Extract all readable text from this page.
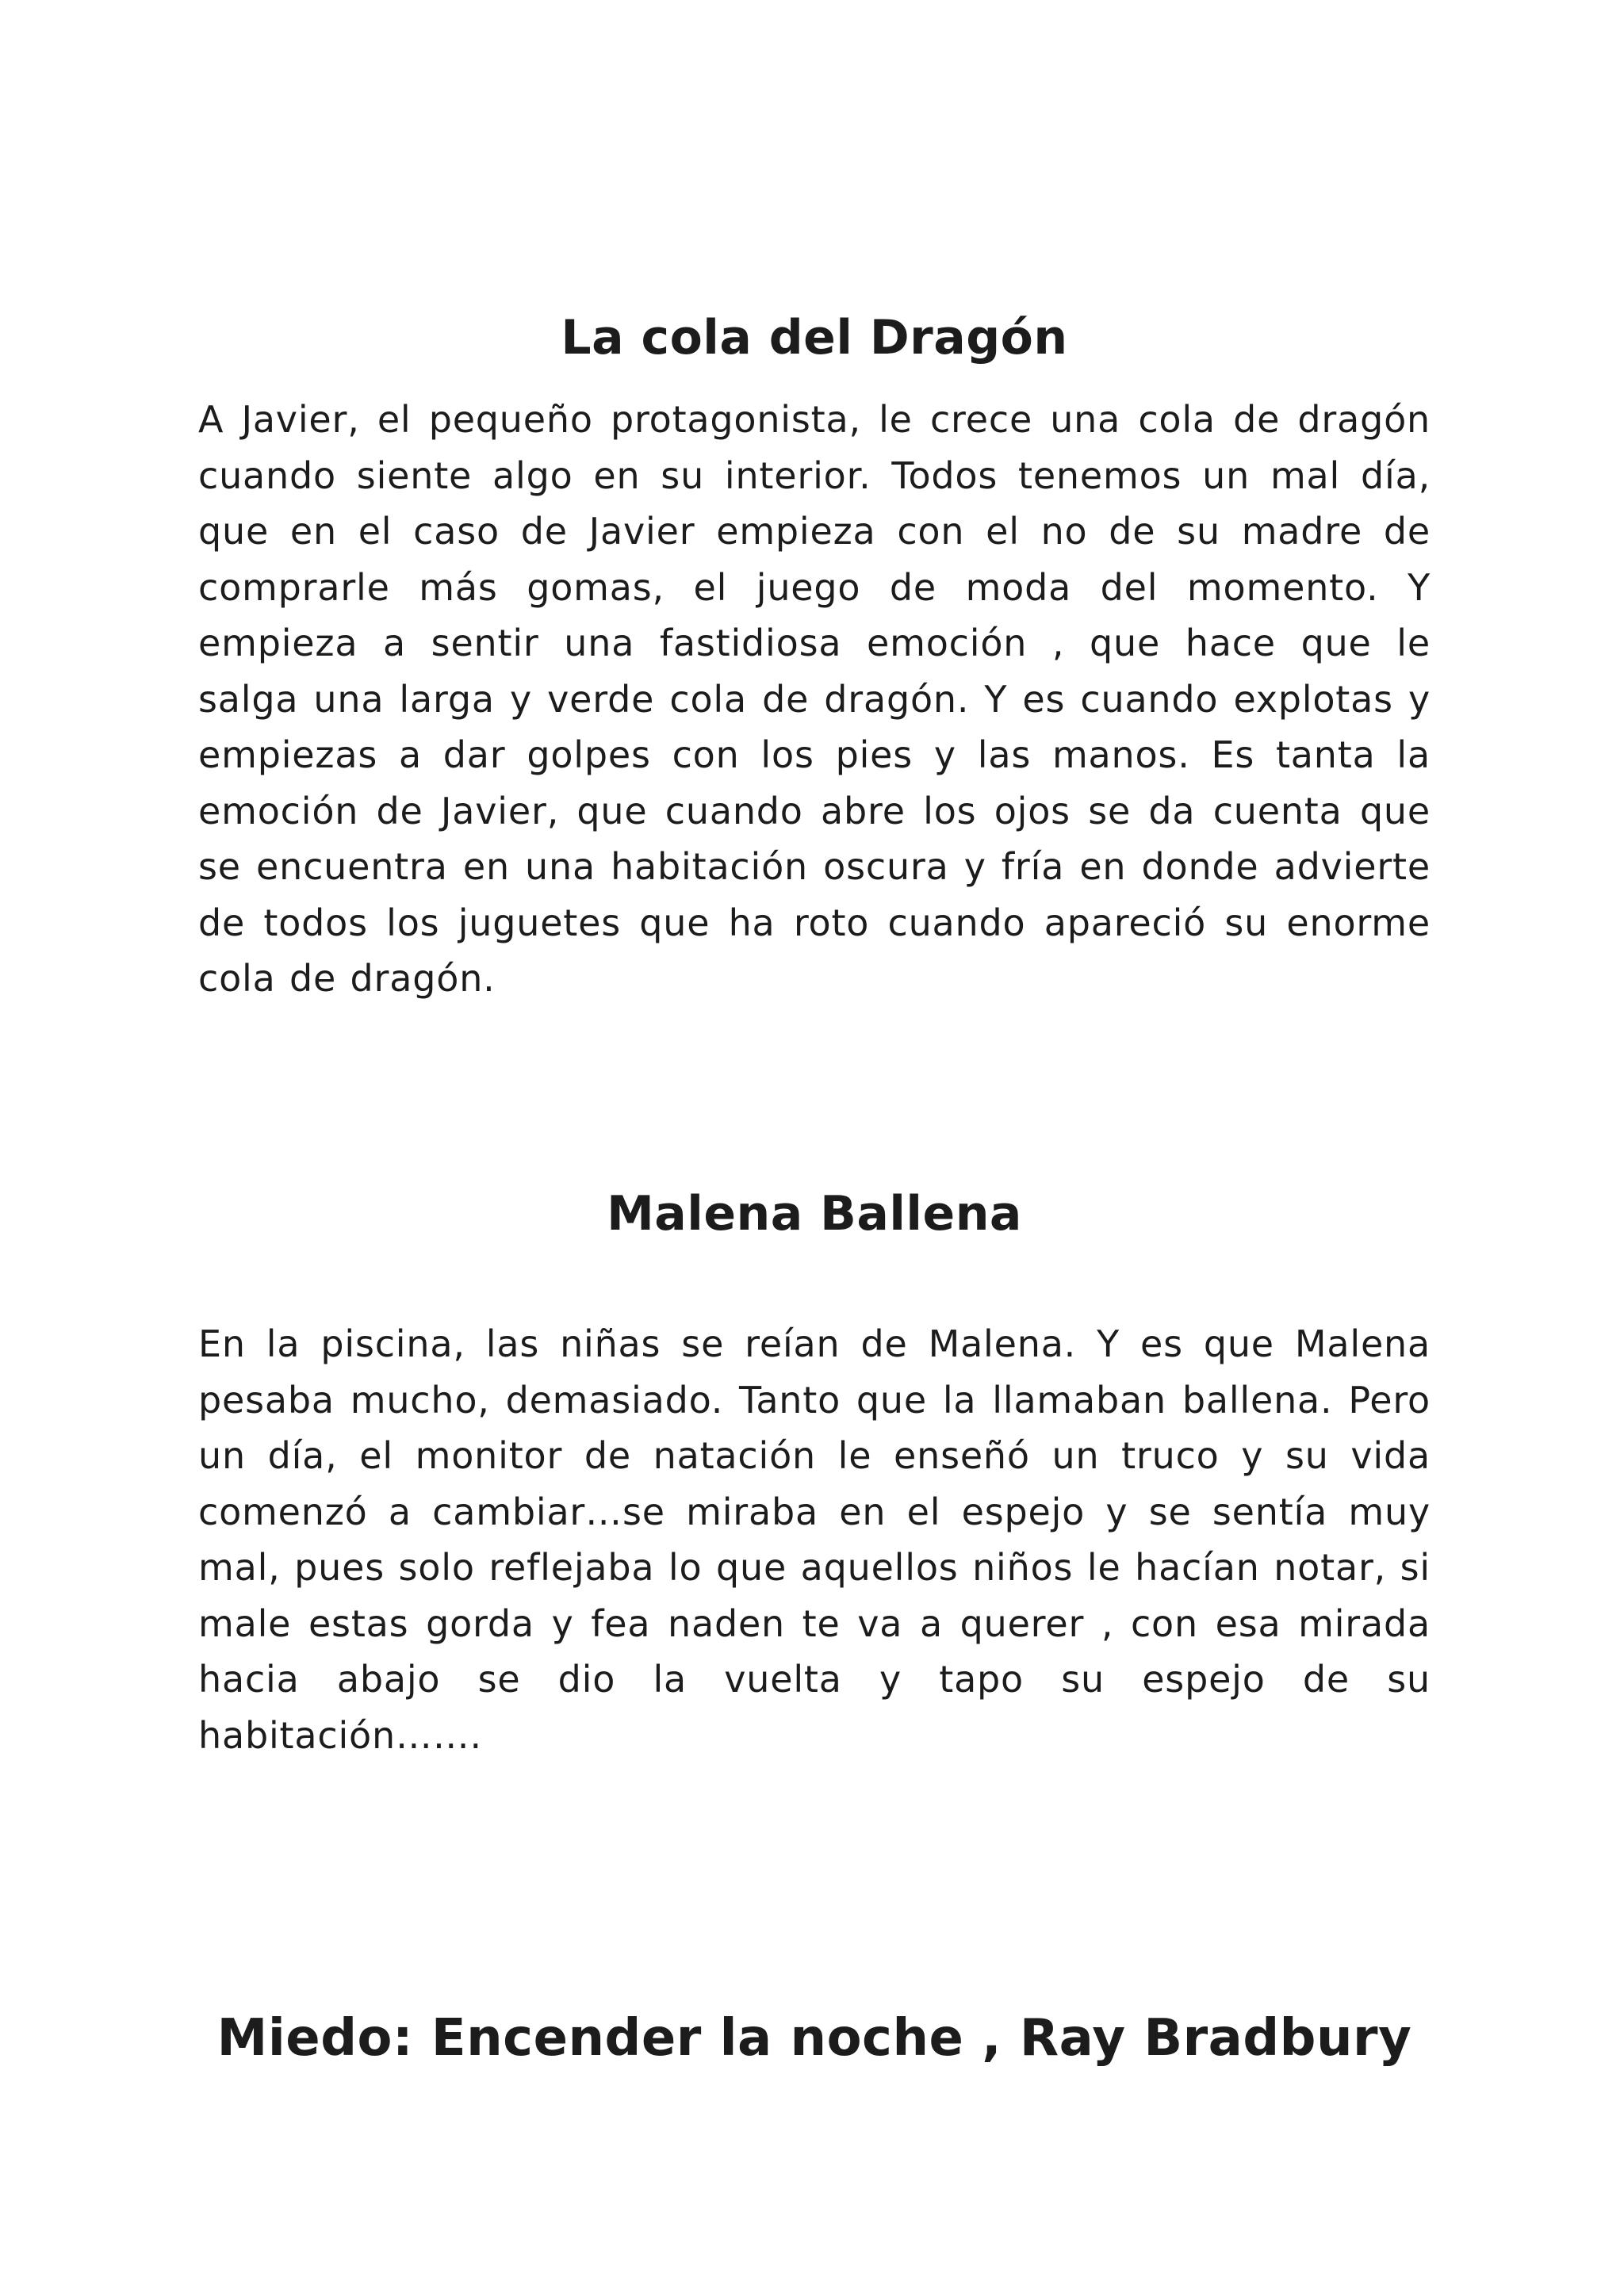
La cola del Dragón

A Javier, el pequeño protagonista, le crece una cola de dragón cuando siente algo en su interior. Todos tenemos un mal día, que en el caso de Javier empieza con el no de su madre de comprarle más gomas, el juego de moda del momento. Y empieza a sentir una fastidiosa emoción , que hace que le salga una larga y verde cola de dragón. Y es cuando explotas y empiezas a dar golpes con los pies y las manos. Es tanta la emoción de Javier, que cuando abre los ojos se da cuenta que se encuentra en una habitación oscura y fría en donde advierte de todos los juguetes que ha roto cuando apareció su enorme cola de dragón.

Malena Ballena

En la piscina, las niñas se reían de Malena. Y es que Malena pesaba mucho, demasiado. Tanto que la llamaban ballena. Pero un día, el monitor de natación le enseñó un truco y su vida comenzó a cambiar…se miraba en el espejo y se sentía muy mal, pues solo reflejaba lo que aquellos niños le hacían notar, si male estas gorda y fea naden te va a querer , con esa mirada hacia abajo se dio la vuelta y tapo su espejo de su habitación…….

Miedo: Encender la noche , Ray Bradbury
